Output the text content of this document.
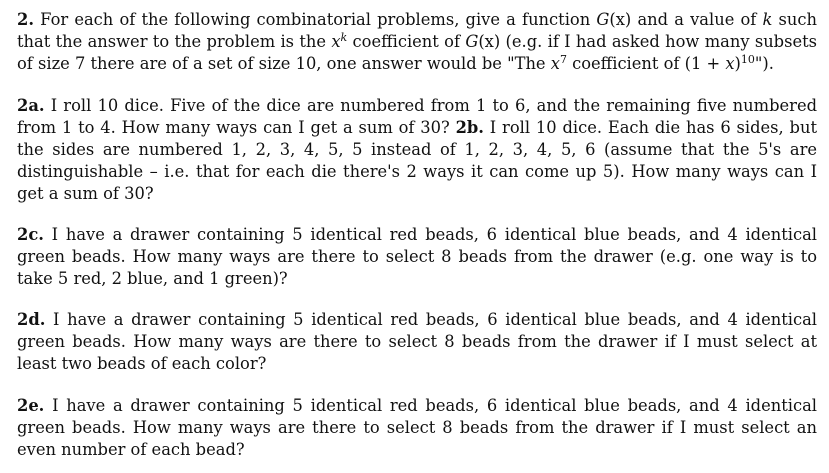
2. For each of the following combinatorial problems, give a function G(x) and a value of k such that the answer to the problem is the $x^k$ coefficient of G(x) (e.g. if I had asked how many subsets of size 7 there are of a set of size 10, one answer would be "The $x^7$ coefficient of $(1 + x)^{10}$").

2a. I roll 10 dice. Five of the dice are numbered from 1 to 6, and the remaining five numbered from 1 to 4. How many ways can I get a sum of 30? 2b. I roll 10 dice. Each die has 6 sides, but the sides are numbered 1, 2, 3, 4, 5, 5 instead of 1, 2, 3, 4, 5, 6 (assume that the 5's are distinguishable – i.e. that for each die there's 2 ways it can come up 5). How many ways can I get a sum of 30?

2c. I have a drawer containing 5 identical red beads, 6 identical blue beads, and 4 identical green beads. How many ways are there to select 8 beads from the drawer (e.g. one way is to take 5 red, 2 blue, and 1 green)?

2d. I have a drawer containing 5 identical red beads, 6 identical blue beads, and 4 identical green beads. How many ways are there to select 8 beads from the drawer if I must select at least two beads of each color?

2e. I have a drawer containing 5 identical red beads, 6 identical blue beads, and 4 identical green beads. How many ways are there to select 8 beads from the drawer if I must select an even number of each bead?
